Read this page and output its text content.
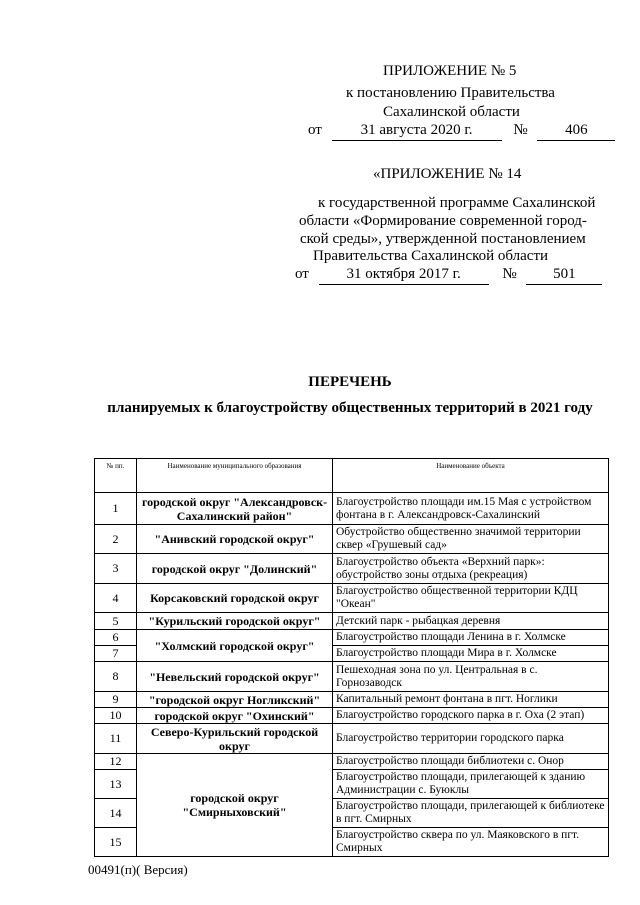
ПРИЛОЖЕНИЕ № 5
к постановлению Правительства
Сахалинской области
от	31 августа 2020 г.	№	406
«ПРИЛОЖЕНИЕ № 14
к государственной программе Сахалинской
области «Формирование современной город-
ской среды», утвержденной постановлением
Правительства Сахалинской области
от	31 октября 2017 г.	№ 501
ПЕРЕЧЕНЬ
планируемых к благоустройству общественных территорий в 2021 году
№ пп.	Наименование муниципального образования	Наименование объекта
1	городской округ "Александровск-Сахалинский район"	Благоустройство площади им.15 Мая с устройством фонтана в г. Александровск-Сахалинский
2	"Анивский городской округ"	Обустройство общественно значимой территории сквер «Грушевый сад»
3	городской округ "Долинский"	Благоустройство объекта «Верхний парк»: обустройство зоны отдыха (рекреация)
4	Корсаковский городской округ	Благоустройство общественной территории КДЦ "Океан"
5	"Курильский городской округ"	Детский парк - рыбацкая деревня
6	"Холмский городской округ"	Благоустройство площади Ленина в г. Холмске
7		Благоустройство площади Мира в г. Холмске
8	"Невельский городской округ"	Пешеходная зона по ул. Центральная в с. Горнозаводск
9	"городской округ Ногликский"	Капитальный ремонт фонтана в пгт. Ноглики
10	городской округ "Охинский"	Благоустройство городского парка в г. Оха (2 этап)
11	Северо-Курильский городской округ	Благоустройство территории городского парка
12	городской округ "Смирныховский"	Благоустройство площади библиотеки с. Онор
13		Благоустройство площади, прилегающей к зданию Администрации с. Буюклы
14		Благоустройство площади, прилегающей к библиотеке в пгт. Смирных
15		Благоустройство сквера по ул. Маяковского в пгт. Смирных
00491(п)( Версия)
